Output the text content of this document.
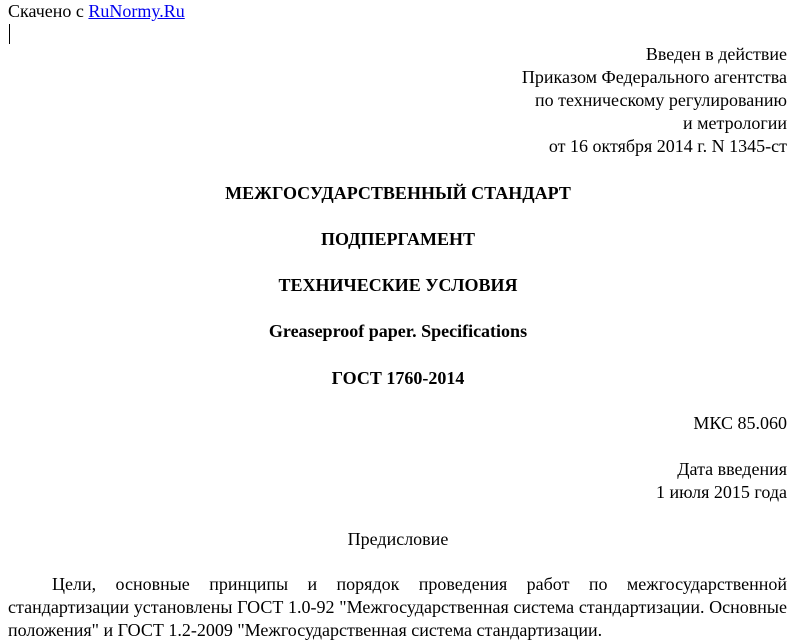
Скачено с RuNormy.Ru
Введен в действие
Приказом Федерального агентства
по техническому регулированию
и метрологии
от 16 октября 2014 г. N 1345-ст
МЕЖГОСУДАРСТВЕННЫЙ СТАНДАРТ
ПОДПЕРГАМЕНТ
ТЕХНИЧЕСКИЕ УСЛОВИЯ
Greaseproof paper. Specifications
ГОСТ 1760-2014
МКС 85.060
Дата введения
1 июля 2015 года
Предисловие
Цели, основные принципы и порядок проведения работ по межгосударственной стандартизации установлены ГОСТ 1.0-92 "Межгосударственная система стандартизации. Основные положения" и ГОСТ 1.2-2009 "Межгосударственная система стандартизации.
